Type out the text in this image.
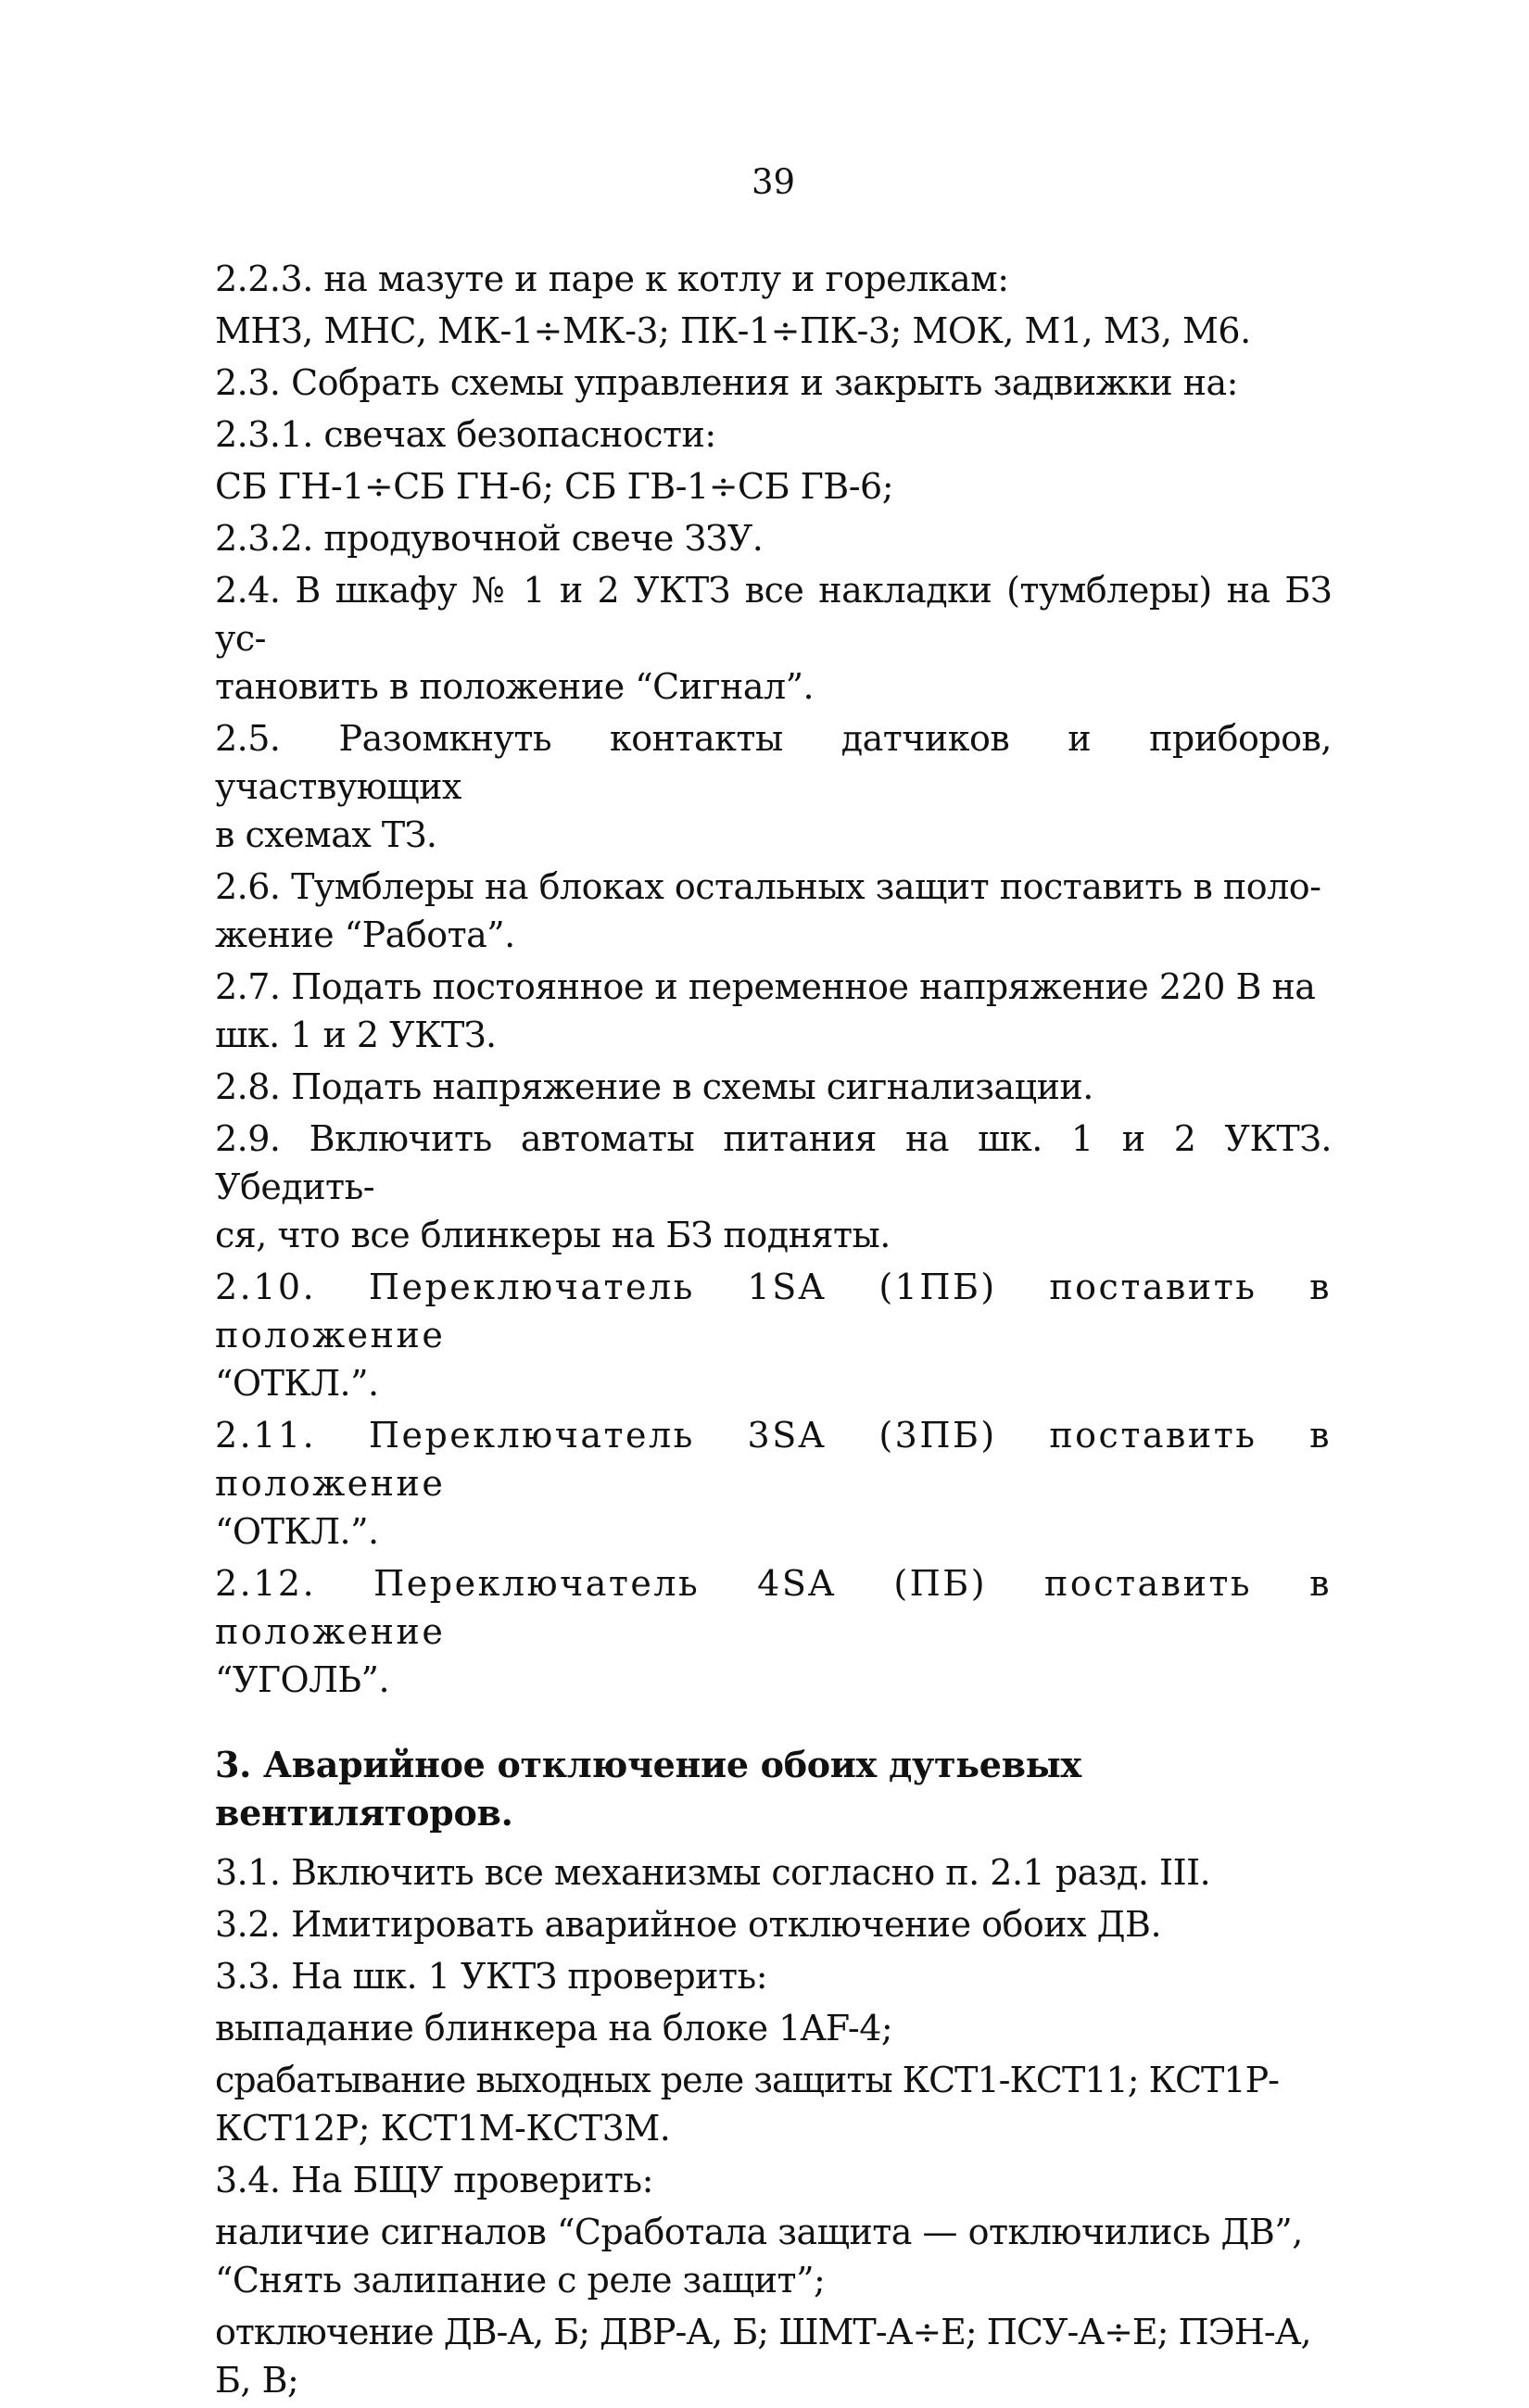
39
2.2.3. на мазуте и паре к котлу и горелкам:
МНЗ, МНС, МК-1÷МК-3; ПК-1÷ПК-3; МОК, М1, М3, М6.
2.3. Собрать схемы управления и закрыть задвижки на:
2.3.1. свечах безопасности:
СБ ГН-1÷СБ ГН-6; СБ ГВ-1÷СБ ГВ-6;
2.3.2. продувочной свече ЗЗУ.
2.4. В шкафу № 1 и 2 УКТЗ все накладки (тумблеры) на БЗ ус-
тановить в положение “Сигнал”.
2.5. Разомкнуть контакты датчиков и приборов, участвующих
в схемах ТЗ.
2.6. Тумблеры на блоках остальных защит поставить в поло-
жение “Работа”.
2.7. Подать постоянное и переменное напряжение 220 В на
шк. 1 и 2 УКТЗ.
2.8. Подать напряжение в схемы сигнализации.
2.9. Включить автоматы питания на шк. 1 и 2 УКТЗ. Убедить-
ся, что все блинкеры на БЗ подняты.
2.10. Переключатель 1SA (1ПБ) поставить в положение
“ОТКЛ.”.
2.11. Переключатель 3SA (3ПБ) поставить в положение
“ОТКЛ.”.
2.12. Переключатель 4SA (ПБ) поставить в положение
“УГОЛЬ”.
3. Аварийное отключение обоих дутьевых вентиляторов.
3.1. Включить все механизмы согласно п. 2.1 разд. III.
3.2. Имитировать аварийное отключение обоих ДВ.
3.3. На шк. 1 УКТЗ проверить:
выпадание блинкера на блоке 1AF-4;
срабатывание выходных реле защиты КСТ1-КСТ11; КСТ1Р-
КСТ12Р; КСТ1М-КСТ3М.
3.4. На БЩУ проверить:
наличие сигналов “Сработала защита — отключились ДВ”,
“Снять залипание с реле защит”;
отключение ДВ-А, Б; ДВР-А, Б; ШМТ-А÷Е; ПСУ-А÷Е; ПЭН-А,
Б, В;
